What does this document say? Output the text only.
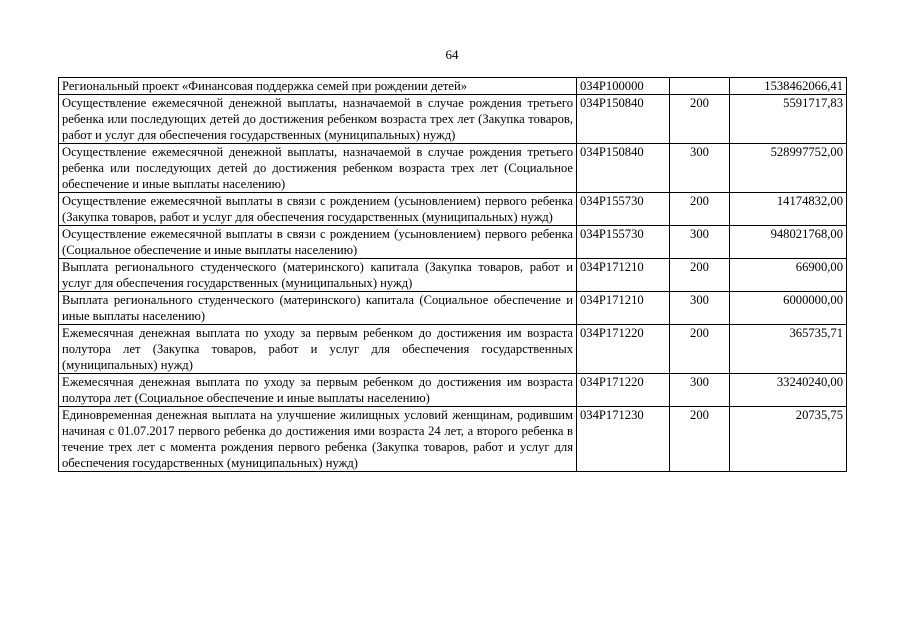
64
Региональный проект «Финансовая поддержка семей при рождении детей»	034P100000		1538462066,41
Осуществление ежемесячной денежной выплаты, назначаемой в случае рождения третьего ребенка или последующих детей до достижения ребенком возраста трех лет (Закупка товаров, работ и услуг для обеспечения государственных (муниципальных) нужд)	034P150840	200	5591717,83
Осуществление ежемесячной денежной выплаты, назначаемой в случае рождения третьего ребенка или последующих детей до достижения ребенком возраста трех лет (Социальное обеспечение и иные выплаты населению)	034P150840	300	528997752,00
Осуществление ежемесячной выплаты в связи с рождением (усыновлением) первого ребенка (Закупка товаров, работ и услуг для обеспечения государственных (муниципальных) нужд)	034P155730	200	14174832,00
Осуществление ежемесячной выплаты в связи с рождением (усыновлением) первого ребенка (Социальное обеспечение и иные выплаты населению)	034P155730	300	948021768,00
Выплата регионального студенческого (материнского) капитала (Закупка товаров, работ и услуг для обеспечения государственных (муниципальных) нужд)	034P171210	200	66900,00
Выплата регионального студенческого (материнского) капитала (Социальное обеспечение и иные выплаты населению)	034P171210	300	6000000,00
Ежемесячная денежная выплата по уходу за первым ребенком до достижения им возраста полутора лет (Закупка товаров, работ и услуг для обеспечения государственных (муниципальных) нужд)	034P171220	200	365735,71
Ежемесячная денежная выплата по уходу за первым ребенком до достижения им возраста полутора лет (Социальное обеспечение и иные выплаты населению)	034P171220	300	33240240,00
Единовременная денежная выплата на улучшение жилищных условий женщинам, родившим начиная с 01.07.2017 первого ребенка до достижения ими возраста 24 лет, а второго ребенка в течение трех лет с момента рождения первого ребенка (Закупка товаров, работ и услуг для обеспечения государственных (муниципальных) нужд)	034P171230	200	20735,75
